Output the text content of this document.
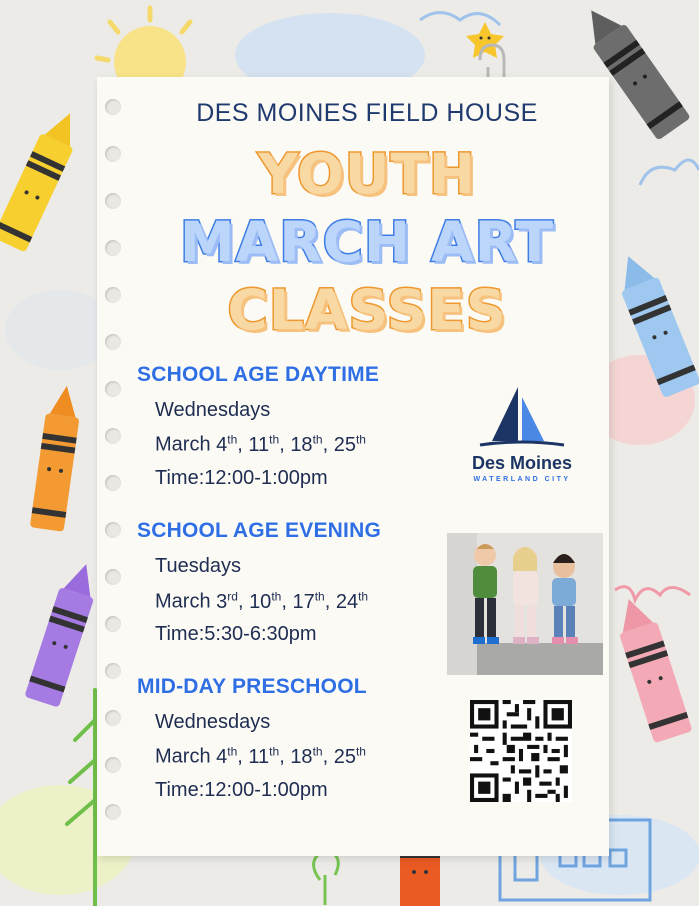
DES MOINES FIELD HOUSE
YOUTH
MARCH ART
CLASSES
SCHOOL AGE DAYTIME
Wednesdays
March 4th, 11th, 18th, 25th
Time:12:00-1:00pm
SCHOOL AGE EVENING
Tuesdays
March 3rd, 10th, 17th, 24th
Time:5:30-6:30pm
MID-DAY PRESCHOOL
Wednesdays
March 4th, 11th, 18th, 25th
Time:12:00-1:00pm
Des Moines
WATERLAND CITY
